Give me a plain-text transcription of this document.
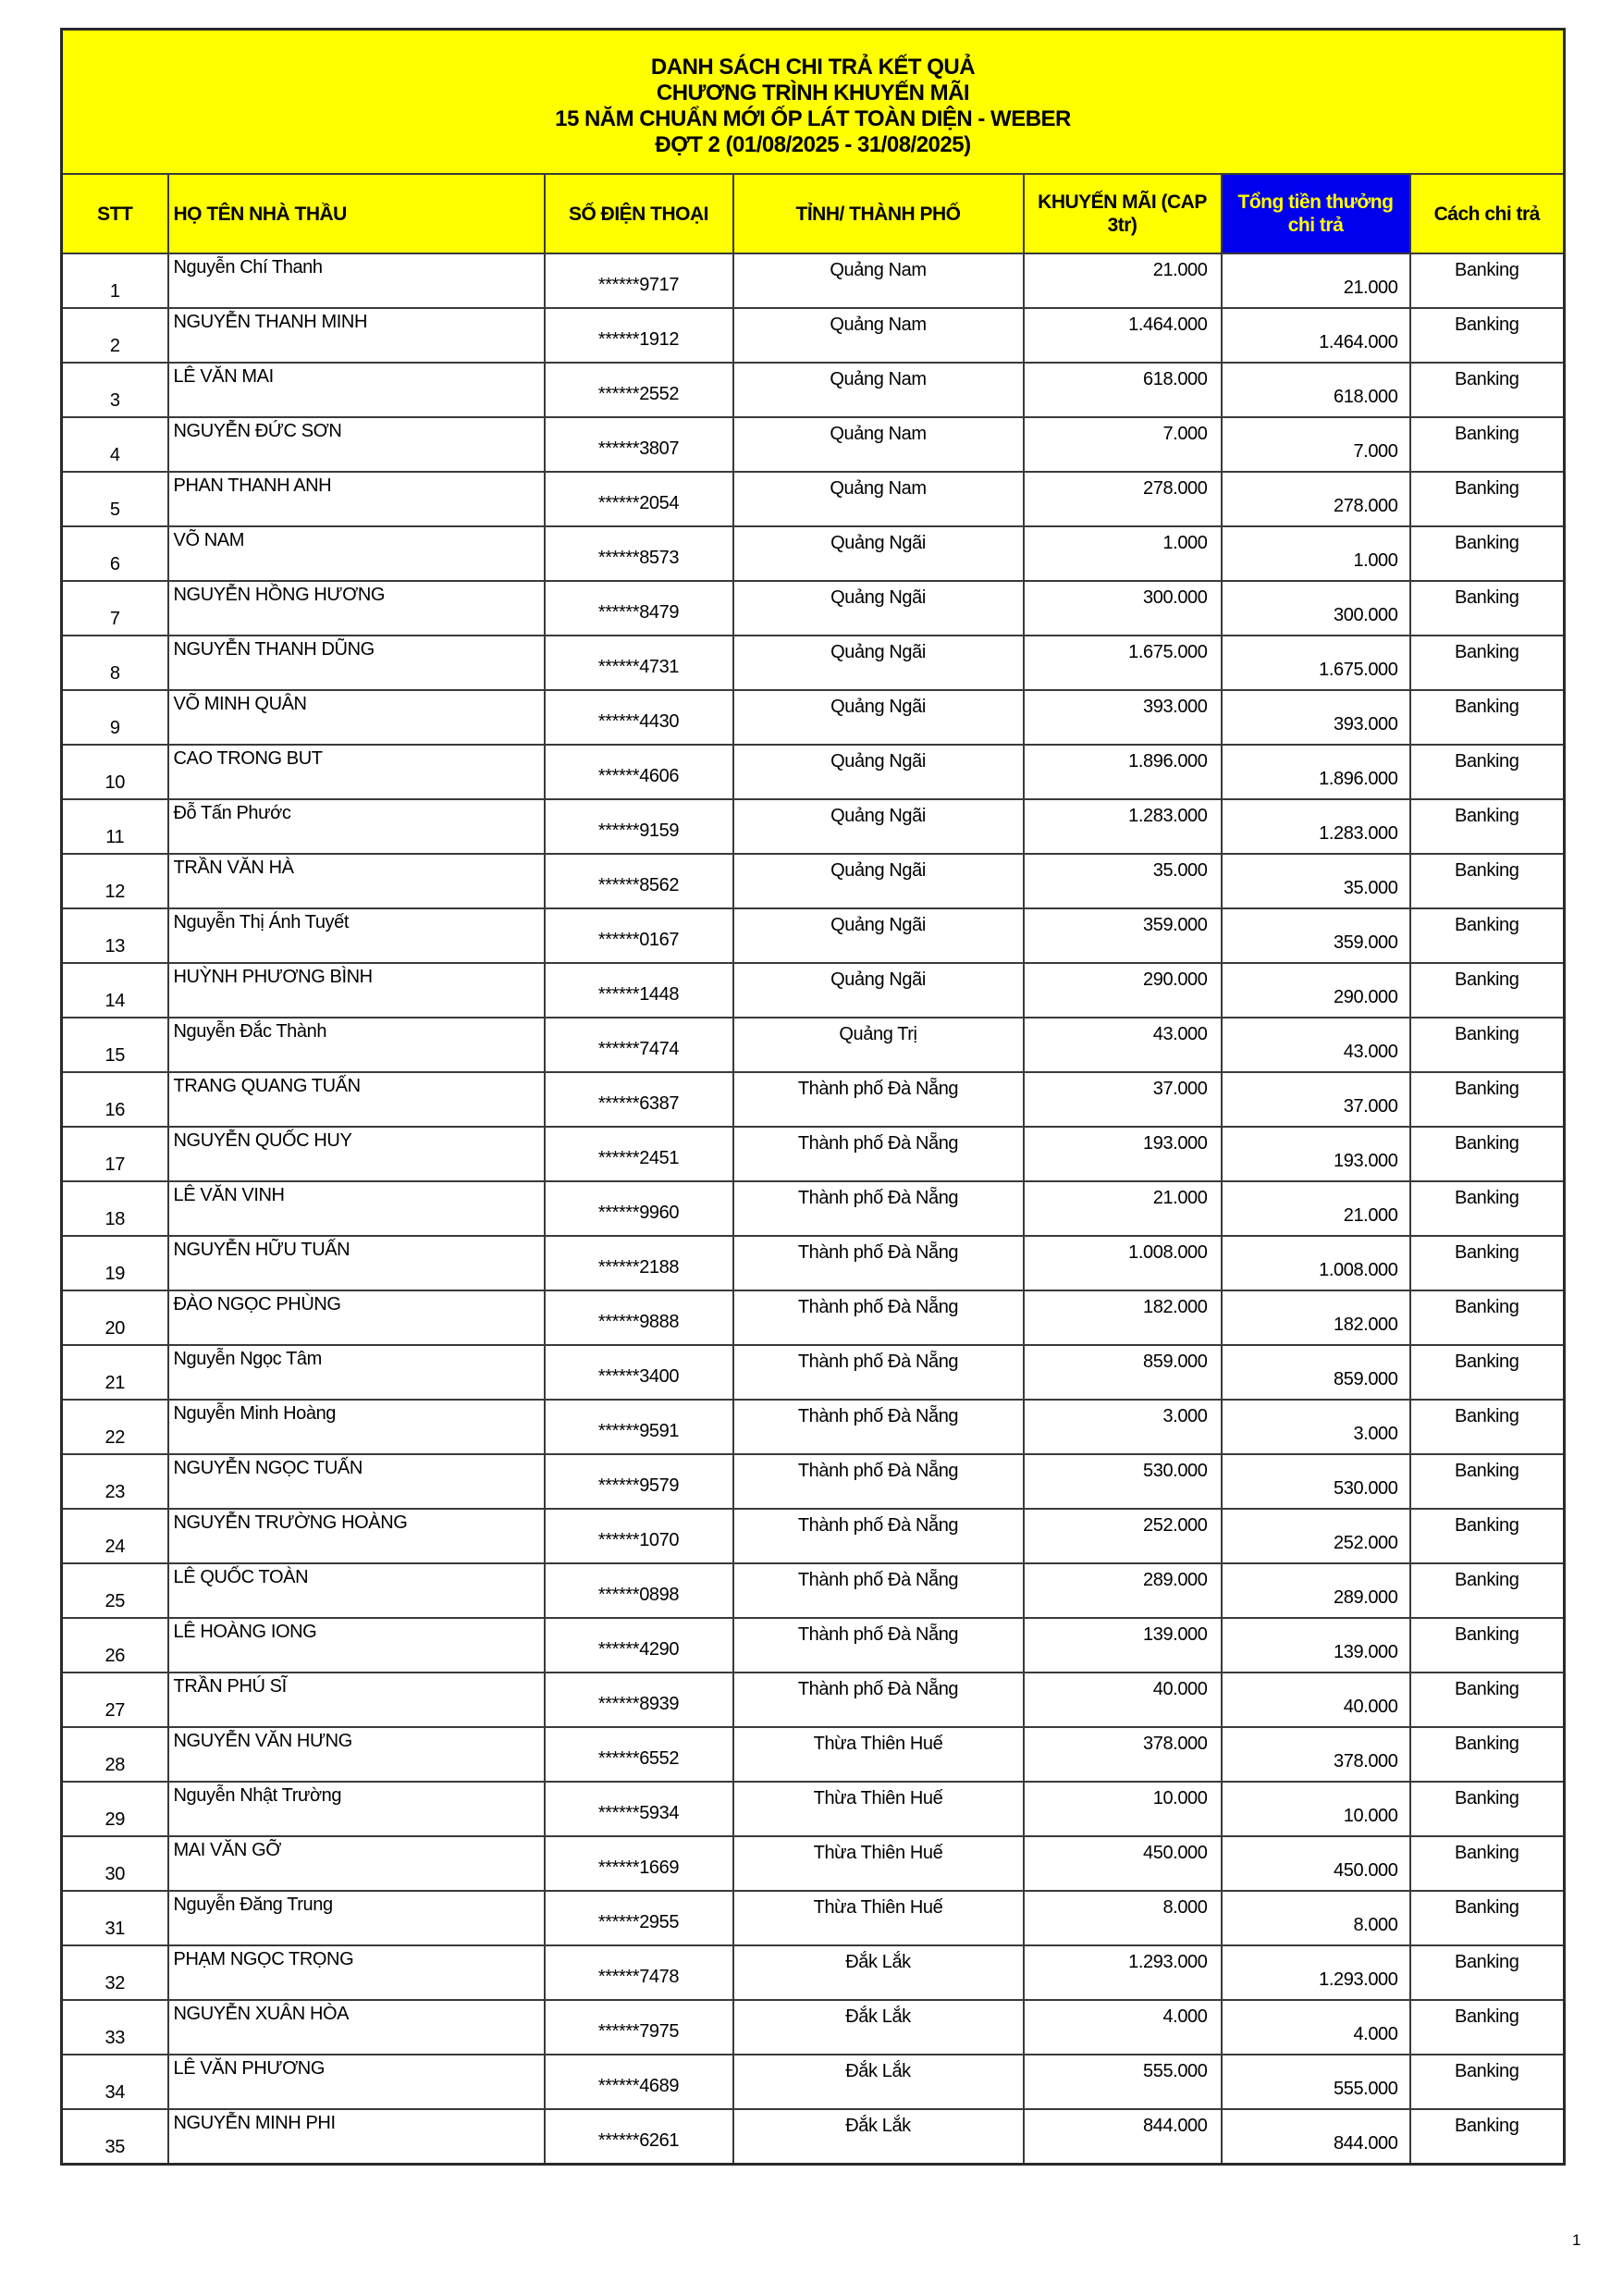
DANH SÁCH CHI TRẢ KẾT QUẢ
CHƯƠNG TRÌNH KHUYẾN MÃI
15 NĂM CHUẨN MỚI ỐP LÁT TOÀN DIỆN - WEBER
ĐỢT 2 (01/08/2025 - 31/08/2025)						

STT	HỌ TÊN NHÀ THẦU	SỐ ĐIỆN THOẠI	TỈNH/ THÀNH PHỐ	KHUYẾN MÃI (CAP 3tr)	Tổng tiền thưởng chi trả	Cách chi trả
1	Nguyễn Chí Thanh	******9717	Quảng Nam	21.000	21.000	Banking
2	NGUYỄN THANH MINH	******1912	Quảng Nam	1.464.000	1.464.000	Banking
3	LÊ VĂN MAI	******2552	Quảng Nam	618.000	618.000	Banking
4	NGUYỄN ĐỨC SƠN	******3807	Quảng Nam	7.000	7.000	Banking
5	PHAN THANH ANH	******2054	Quảng Nam	278.000	278.000	Banking
6	VÕ NAM	******8573	Quảng Ngãi	1.000	1.000	Banking
7	NGUYỄN HỒNG HƯƠNG	******8479	Quảng Ngãi	300.000	300.000	Banking
8	NGUYỄN THANH DŨNG	******4731	Quảng Ngãi	1.675.000	1.675.000	Banking
9	VÕ MINH QUÂN	******4430	Quảng Ngãi	393.000	393.000	Banking
10	CAO TRONG BUT	******4606	Quảng Ngãi	1.896.000	1.896.000	Banking
11	Đỗ Tấn Phước	******9159	Quảng Ngãi	1.283.000	1.283.000	Banking
12	TRẦN VĂN HÀ	******8562	Quảng Ngãi	35.000	35.000	Banking
13	Nguyễn Thị Ánh Tuyết	******0167	Quảng Ngãi	359.000	359.000	Banking
14	HUỲNH PHƯƠNG BÌNH	******1448	Quảng Ngãi	290.000	290.000	Banking
15	Nguyễn Đắc Thành	******7474	Quảng Trị	43.000	43.000	Banking
16	TRANG QUANG TUẤN	******6387	Thành phố Đà Nẵng	37.000	37.000	Banking
17	NGUYỄN QUỐC HUY	******2451	Thành phố Đà Nẵng	193.000	193.000	Banking
18	LÊ VĂN VINH	******9960	Thành phố Đà Nẵng	21.000	21.000	Banking
19	NGUYỄN HỮU TUẤN	******2188	Thành phố Đà Nẵng	1.008.000	1.008.000	Banking
20	ĐÀO NGỌC PHÙNG	******9888	Thành phố Đà Nẵng	182.000	182.000	Banking
21	Nguyễn Ngọc Tâm	******3400	Thành phố Đà Nẵng	859.000	859.000	Banking
22	Nguyễn Minh Hoàng	******9591	Thành phố Đà Nẵng	3.000	3.000	Banking
23	NGUYỄN NGỌC TUẤN	******9579	Thành phố Đà Nẵng	530.000	530.000	Banking
24	NGUYỄN TRƯỜNG HOÀNG	******1070	Thành phố Đà Nẵng	252.000	252.000	Banking
25	LÊ QUỐC TOÀN	******0898	Thành phố Đà Nẵng	289.000	289.000	Banking
26	LÊ HOÀNG IONG	******4290	Thành phố Đà Nẵng	139.000	139.000	Banking
27	TRẦN PHÚ SĨ	******8939	Thành phố Đà Nẵng	40.000	40.000	Banking
28	NGUYỄN VĂN HƯNG	******6552	Thừa Thiên Huế	378.000	378.000	Banking
29	Nguyễn Nhật Trường	******5934	Thừa Thiên Huế	10.000	10.000	Banking
30	MAI VĂN GỠ	******1669	Thừa Thiên Huế	450.000	450.000	Banking
31	Nguyễn Đăng Trung	******2955	Thừa Thiên Huế	8.000	8.000	Banking
32	PHẠM NGỌC TRỌNG	******7478	Đắk Lắk	1.293.000	1.293.000	Banking
33	NGUYỄN XUÂN HÒA	******7975	Đắk Lắk	4.000	4.000	Banking
34	LÊ VĂN PHƯƠNG	******4689	Đắk Lắk	555.000	555.000	Banking
35	NGUYỄN MINH PHI	******6261	Đắk Lắk	844.000	844.000	Banking
1
